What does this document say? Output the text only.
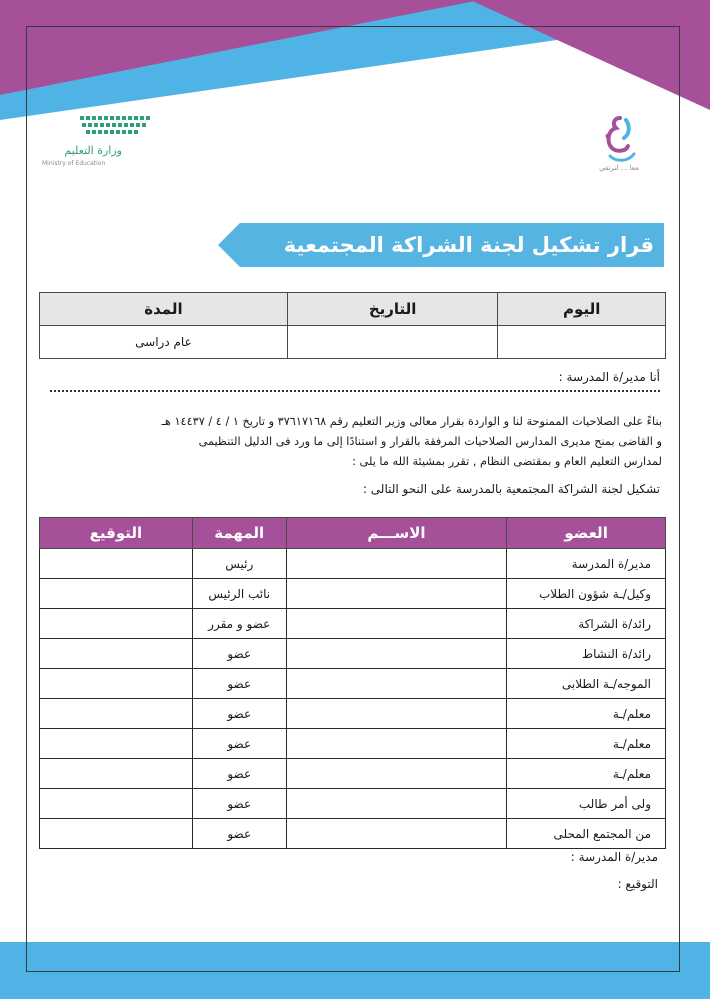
معا ... لنرتقي
وزارة التعليم
Ministry of Education
قرار تشكيل لجنة الشراكة المجتمعية
اليوم	التاريخ	المدة
		عام دراسى
أنا مدير/ة المدرسة :
بناءً على الصلاحيات الممنوحة لنا و الواردة بقرار معالى وزير التعليم رقم ٣٧٦١٧١٦٨ و تاريخ ١ / ٤ / ١٤٤٣٧ هـ
و القاضى بمنح مديرى المدارس الصلاحيات المرفقة بالقرار و استنادًا إلى ما ورد فى الدليل التنظيمى
لمدارس التعليم العام و بمقتضى النظام , تقرر بمشيئة الله ما يلى :
تشكيل لجنة الشراكة المجتمعية بالمدرسة على النحو التالى :
العضو	الاســـم	المهمة	التوقيع
مدير/ة المدرسة		رئيس	
وكيل/ـة شؤون الطلاب		نائب الرئيس	
رائد/ة الشراكة		عضو و مقرر	
رائد/ة النشاط		عضو	
الموجه/ـة الطلابى		عضو	
معلم/ـة		عضو	
معلم/ـة		عضو	
معلم/ـة		عضو	
ولى أمر طالب		عضو	
من المجتمع المحلى		عضو	
مدير/ة المدرسة :
التوقيع :
